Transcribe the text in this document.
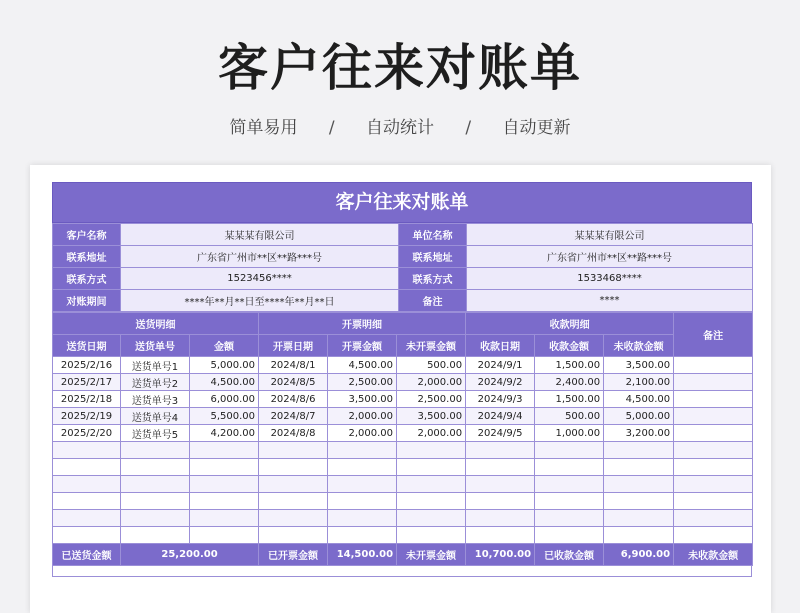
客户往来对账单
简单易用 / 自动统计 / 自动更新
客户往来对账单
客户名称	某某某有限公司	单位名称	某某某有限公司
联系地址	广东省广州市**区**路***号	联系地址	广东省广州市**区**路***号
联系方式	1523456****	联系方式	1533468****
对账期间	****年**月**日至****年**月**日	备注	****
送货明细			开票明细			收款明细			备注	
送货日期	送货单号	金额	开票日期	开票金额	未开票金额	收款日期	收款金额	未收款金额		
2025/2/16	送货单号1	5,000.00	2024/8/1	4,500.00	500.00	2024/9/1	1,500.00	3,500.00		
2025/2/17	送货单号2	4,500.00	2024/8/5	2,500.00	2,000.00	2024/9/2	2,400.00	2,100.00		
2025/2/18	送货单号3	6,000.00	2024/8/6	3,500.00	2,500.00	2024/9/3	1,500.00	4,500.00		
2025/2/19	送货单号4	5,500.00	2024/8/7	2,000.00	3,500.00	2024/9/4	500.00	5,000.00		
2025/2/20	送货单号5	4,200.00	2024/8/8	2,000.00	2,000.00	2024/9/5	1,000.00	3,200.00		

已送货金额	25,200.00		已开票金额	14,500.00	未开票金额	10,700.00	已收款金额	6,900.00	未收款金额	
